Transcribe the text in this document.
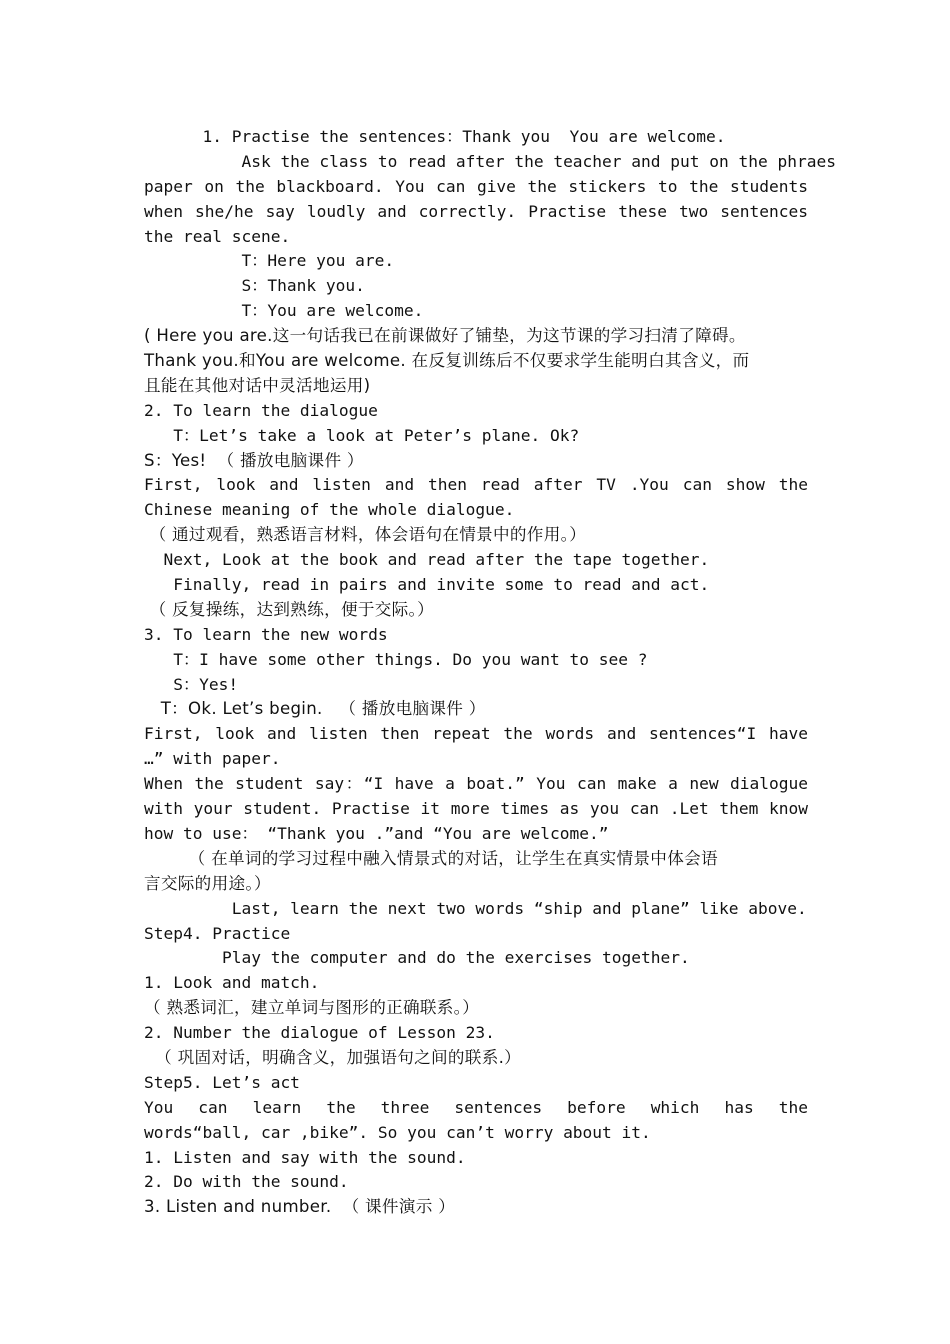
1. Practise the sentences：Thank you  You are welcome.
Ask the class to read after the teacher and put on the phraes
paper on the blackboard. You can give the stickers to the students
when she/he say loudly and correctly. Practise these two sentences
the real scene.
T：Here you are.
S：Thank you.
T：You are welcome.
( Here you are.这一句话我已在前课做好了铺垫，为这节课的学习扫清了障碍。
Thank you.和You are welcome. 在反复训练后不仅要求学生能明白其含义，而
且能在其他对话中灵活地运用)
2. To learn the dialogue
T：Let’s take a look at Peter’s plane. Ok?
S：Yes!  （ 播放电脑课件 ）
First, look and listen and then read after TV .You can show the
Chinese meaning of the whole dialogue.
（ 通过观看，熟悉语言材料，体会语句在情景中的作用。）
Next, Look at the book and read after the tape together.
Finally, read in pairs and invite some to read and act.
（ 反复操练，达到熟练，便于交际。）
3. To learn the new words
T：I have some other things. Do you want to see ?
S：Yes!
T：Ok. Let’s begin.   （ 播放电脑课件 ）
First, look and listen then repeat the words and sentences“I have
…” with paper.
When the student say：“I have a boat.” You can make a new dialogue
with your student. Practise it more times as you can .Let them know
how to use： “Thank you .”and “You are welcome.”
（ 在单词的学习过程中融入情景式的对话，让学生在真实情景中体会语
言交际的用途。）
Last, learn the next two words “ship and plane” like above.
Step4. Practice
Play the computer and do the exercises together.
1. Look and match.
（ 熟悉词汇，建立单词与图形的正确联系。）
2. Number the dialogue of Lesson 23.
（ 巩固对话，明确含义，加强语句之间的联系.）
Step5. Let’s act
You can learn the three sentences before which has the
words“ball, car ,bike”. So you can’t worry about it.
1. Listen and say with the sound.
2. Do with the sound.
3. Listen and number.  （ 课件演示 ）
